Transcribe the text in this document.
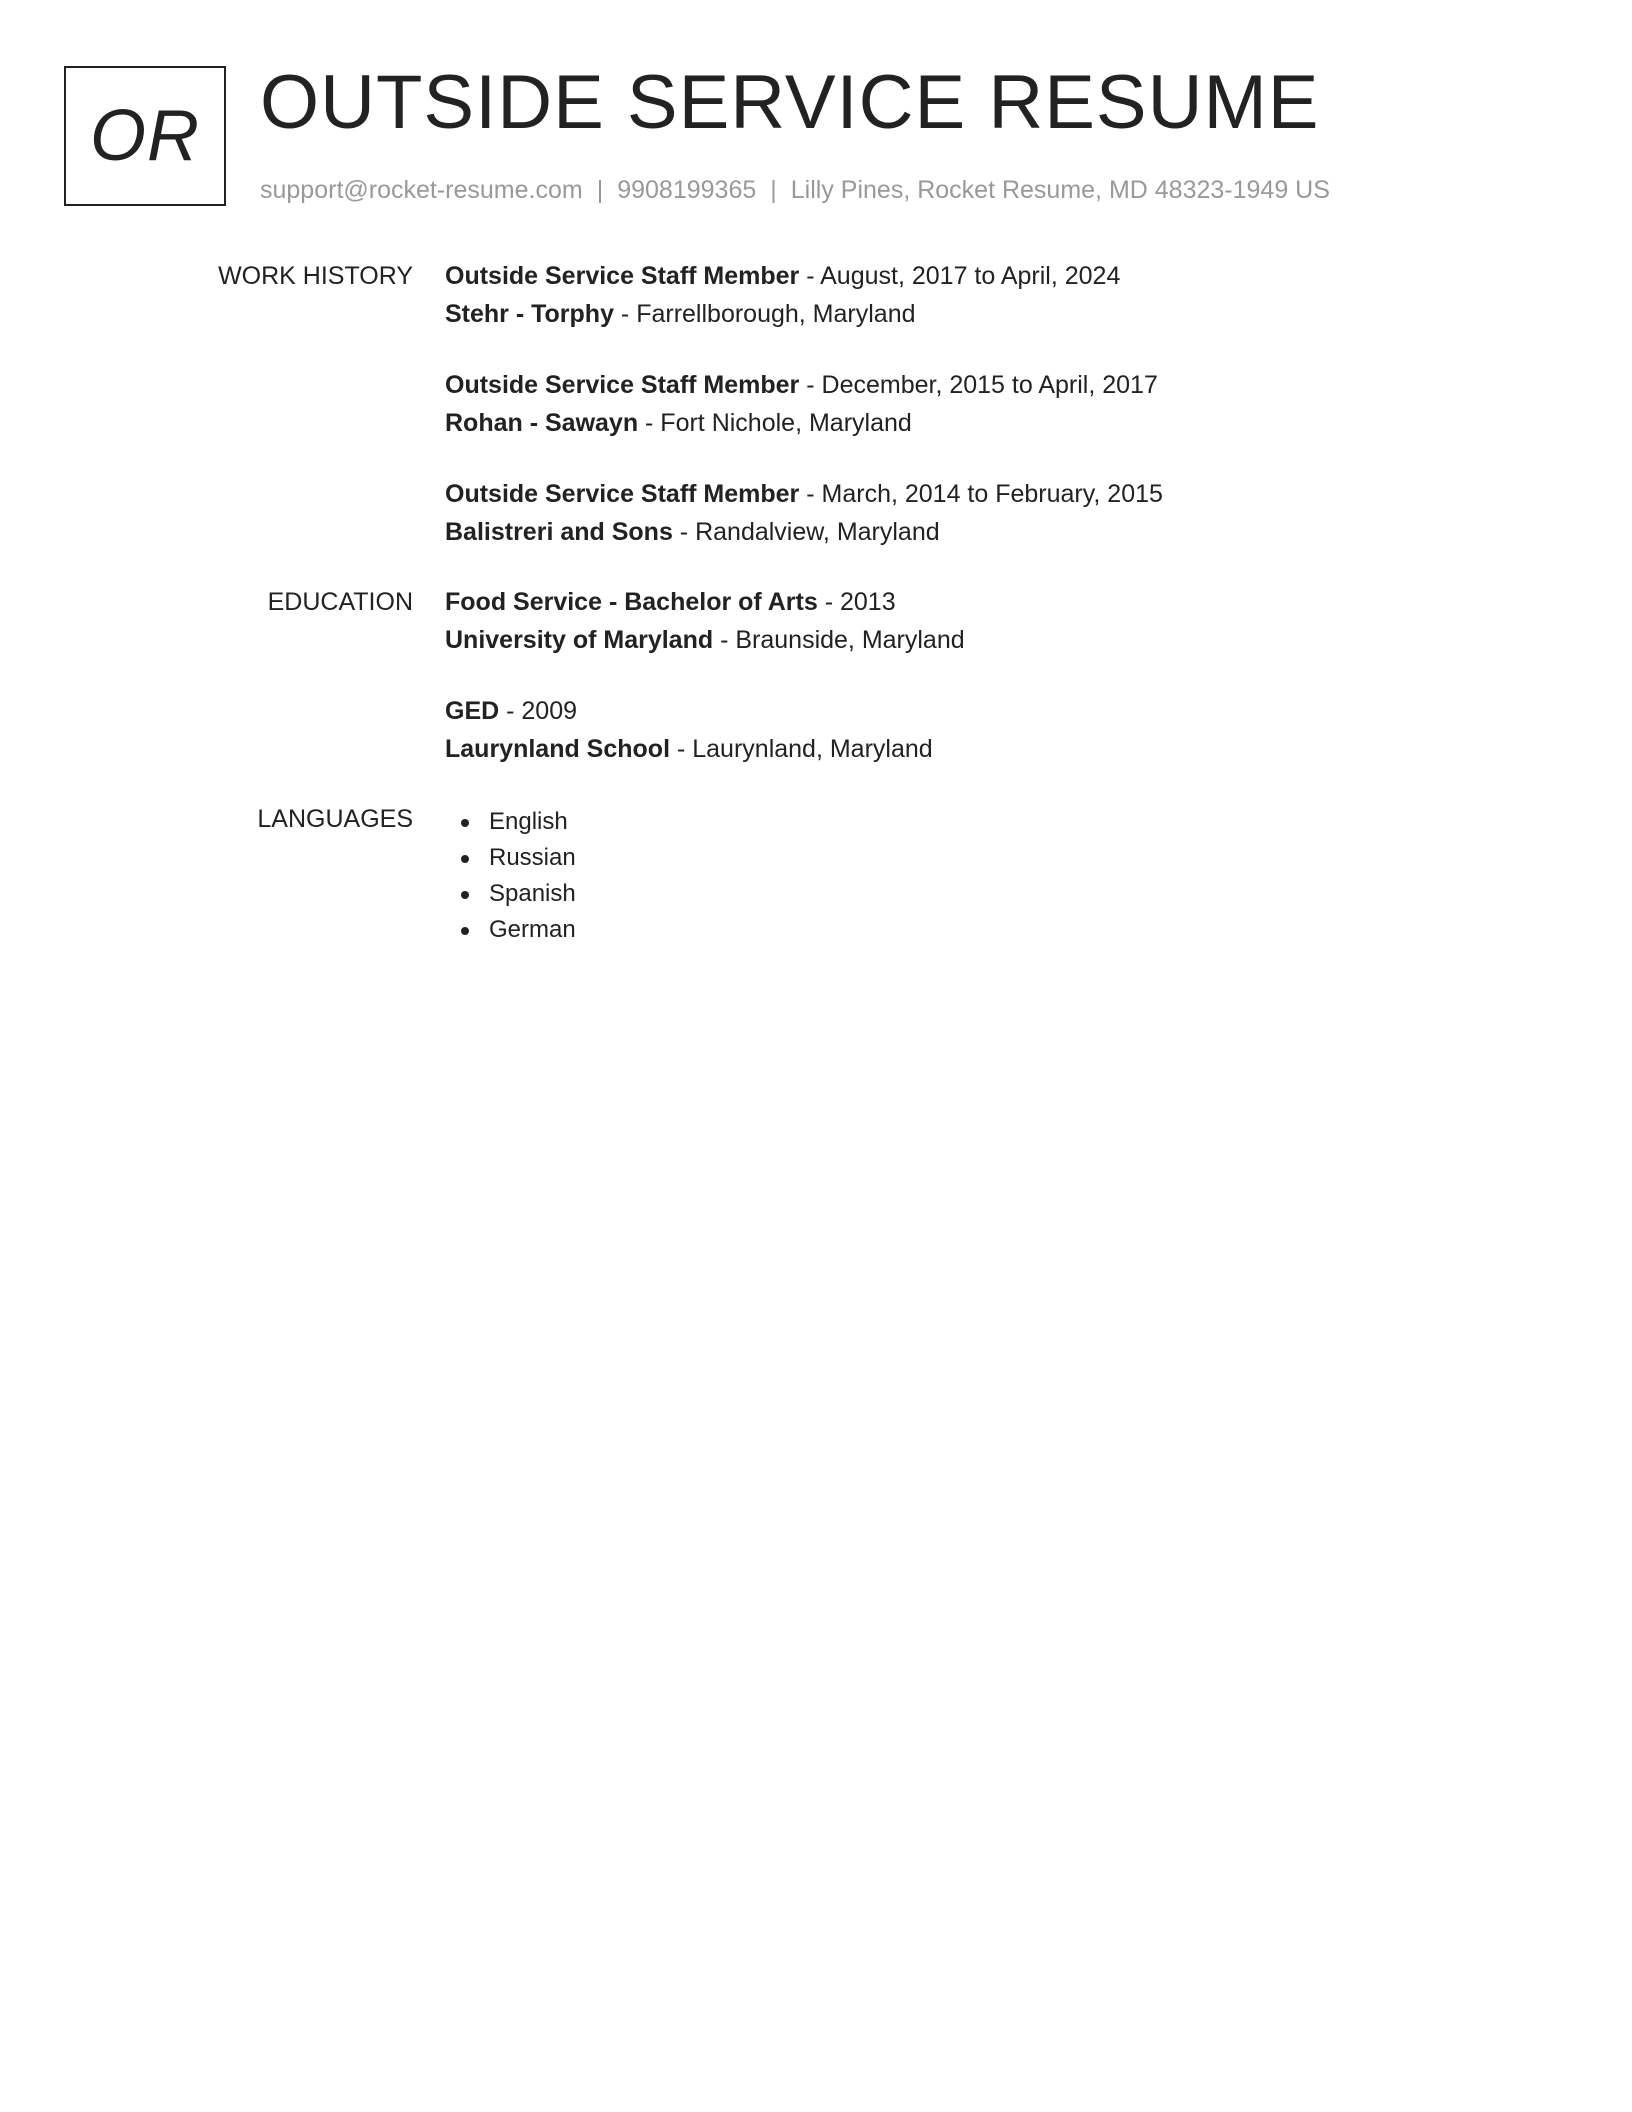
OR OUTSIDE SERVICE RESUME
support@rocket-resume.com | 9908199365 | Lilly Pines, Rocket Resume, MD 48323-1949 US
WORK HISTORY Outside Service Staff Member - August, 2017 to April, 2024
Stehr - Torphy - Farrellborough, Maryland
Outside Service Staff Member - December, 2015 to April, 2017
Rohan - Sawayn - Fort Nichole, Maryland
Outside Service Staff Member - March, 2014 to February, 2015
Balistreri and Sons - Randalview, Maryland
EDUCATION Food Service - Bachelor of Arts - 2013
University of Maryland - Braunside, Maryland
GED - 2009
Laurynland School - Laurynland, Maryland
LANGUAGES	English
Russian
Spanish
German
